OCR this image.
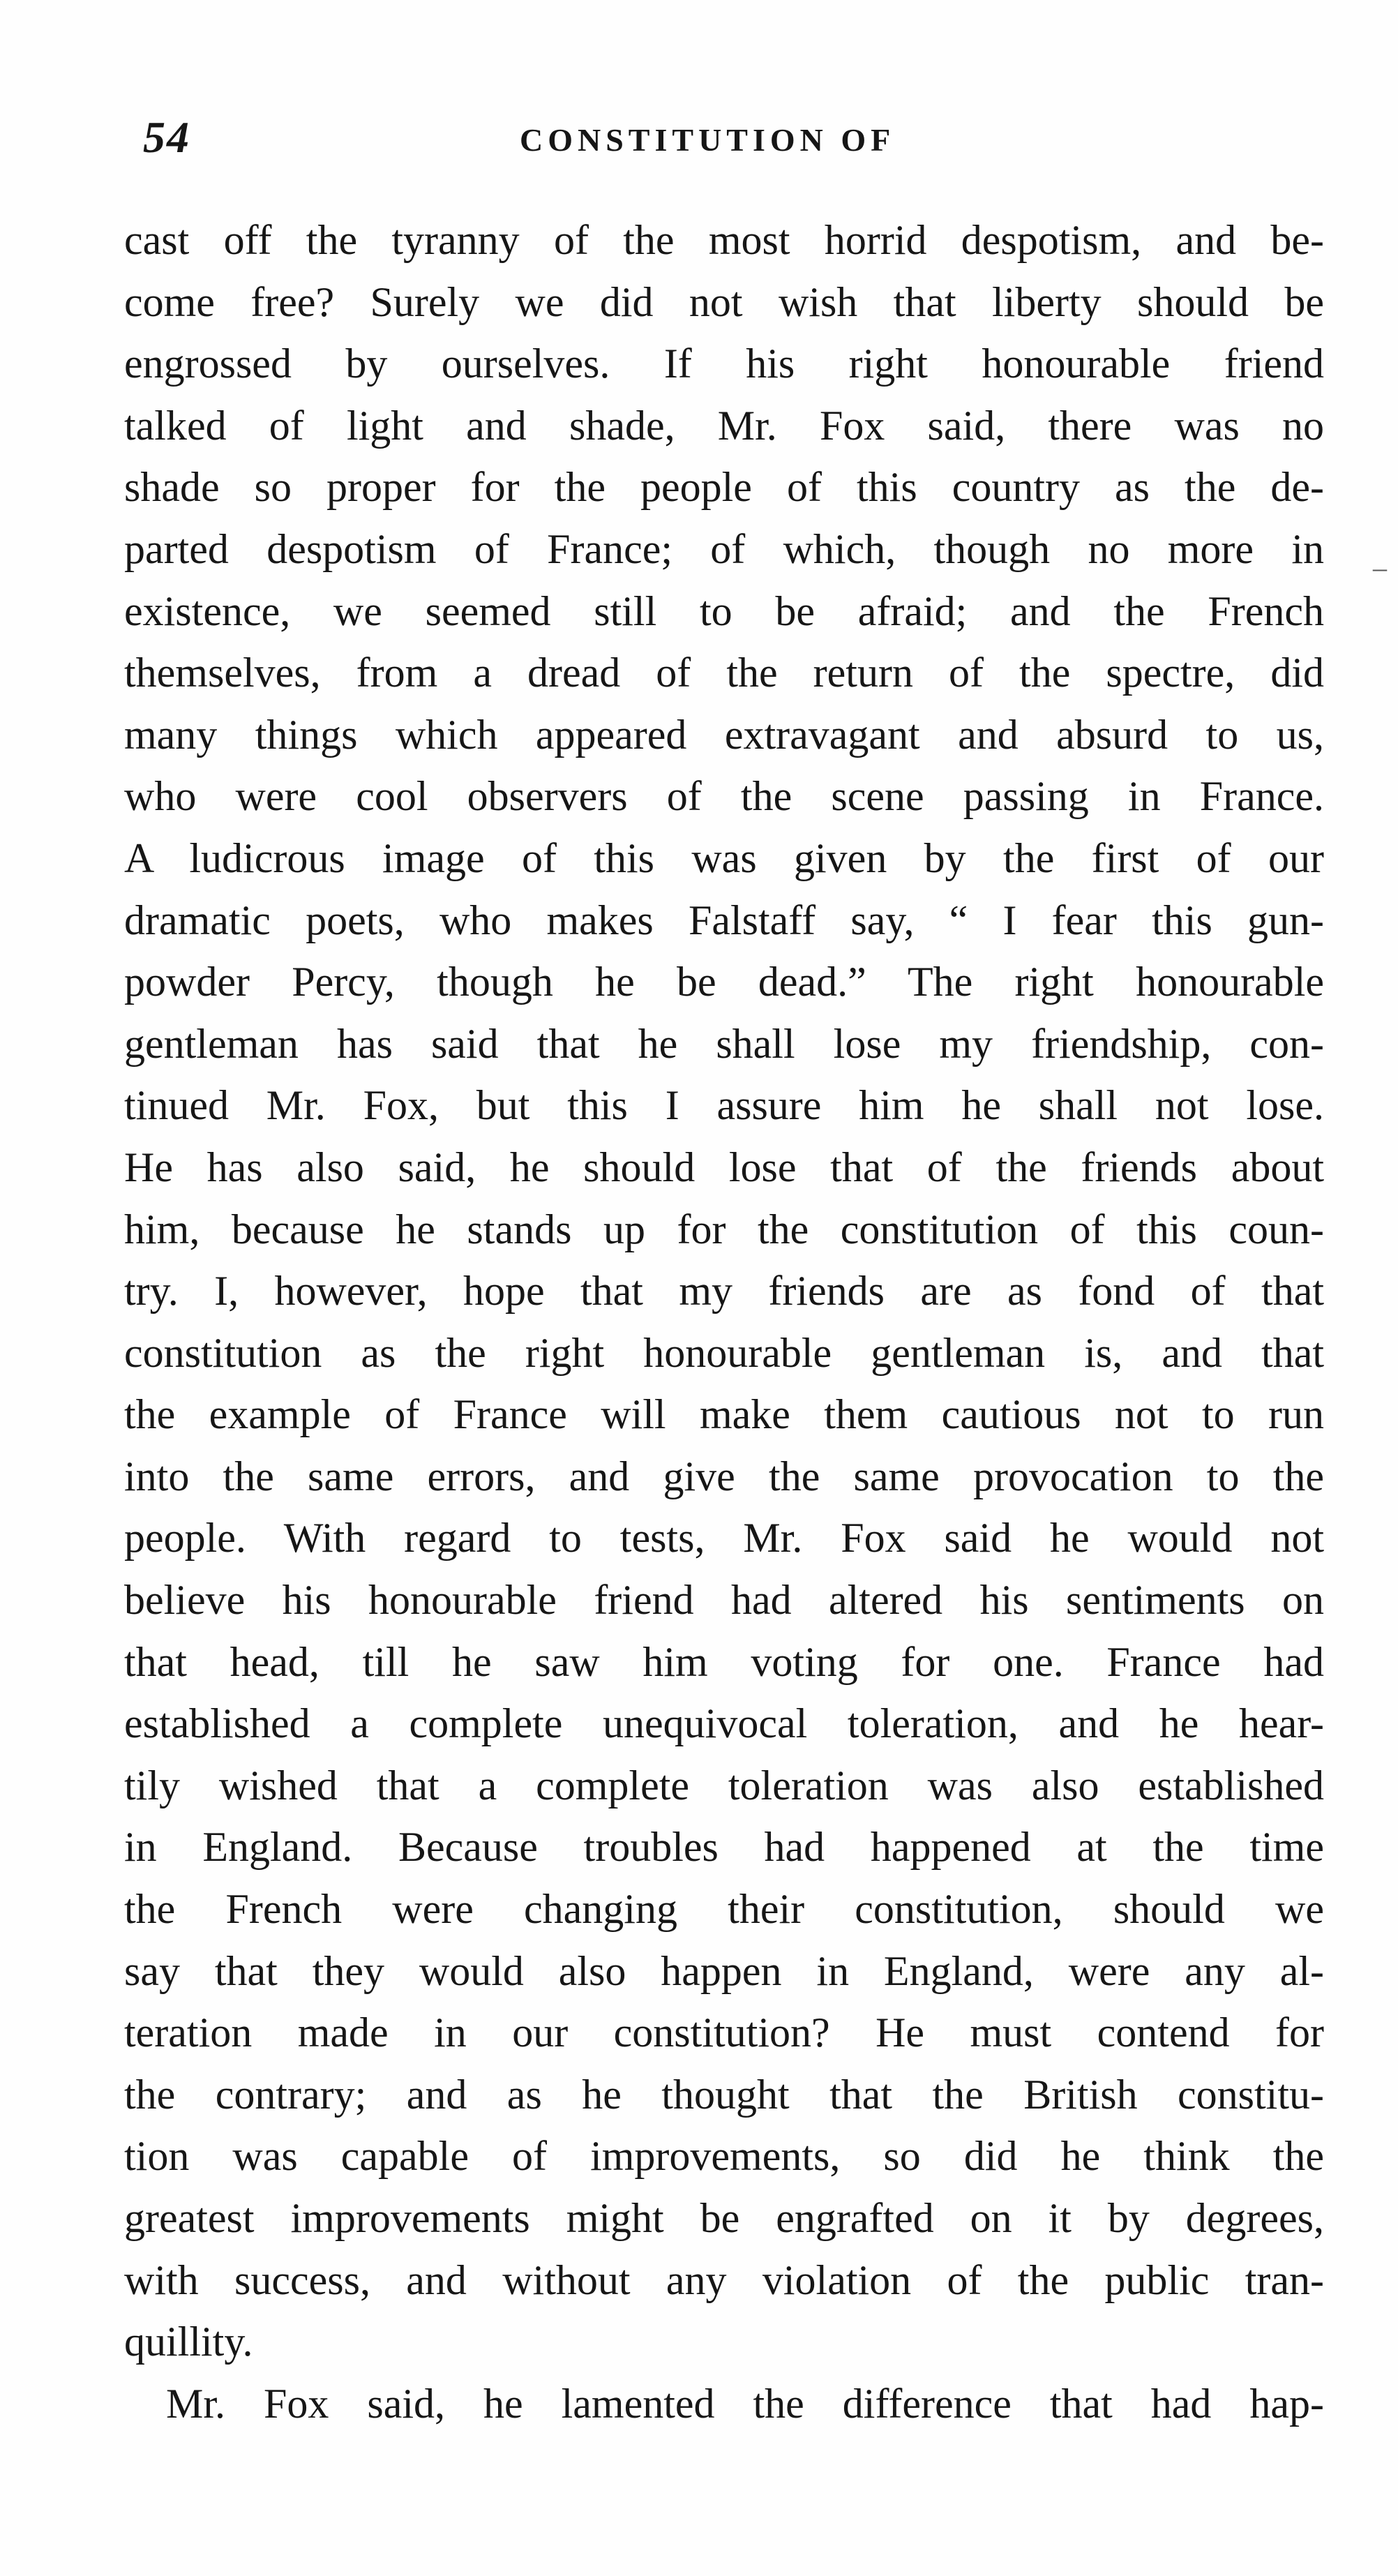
54	CONSTITUTION OF
cast off the tyranny of the most horrid despotism, and be-
come free? Surely we did not wish that liberty should be
engrossed by ourselves. If his right honourable friend
talked of light and shade, Mr. Fox said, there was no
shade so proper for the people of this country as the de-
parted despotism of France; of which, though no more in
existence, we seemed still to be afraid; and the French
themselves, from a dread of the return of the spectre, did
many things which appeared extravagant and absurd to us,
who were cool observers of the scene passing in France.
A ludicrous image of this was given by the first of our
dramatic poets, who makes Falstaff say, “ I fear this gun-
powder Percy, though he be dead.” The right honourable
gentleman has said that he shall lose my friendship, con-
tinued Mr. Fox, but this I assure him he shall not lose.
He has also said, he should lose that of the friends about
him, because he stands up for the constitution of this coun-
try. I, however, hope that my friends are as fond of that
constitution as the right honourable gentleman is, and that
the example of France will make them cautious not to run
into the same errors, and give the same provocation to the
people. With regard to tests, Mr. Fox said he would not
believe his honourable friend had altered his sentiments on
that head, till he saw him voting for one. France had
established a complete unequivocal toleration, and he hear-
tily wished that a complete toleration was also established
in England. Because troubles had happened at the time
the French were changing their constitution, should we
say that they would also happen in England, were any al-
teration made in our constitution? He must contend for
the contrary; and as he thought that the British constitu-
tion was capable of improvements, so did he think the
greatest improvements might be engrafted on it by degrees,
with success, and without any violation of the public tran-
quillity.
Mr. Fox said, he lamented the difference that had hap-
–
